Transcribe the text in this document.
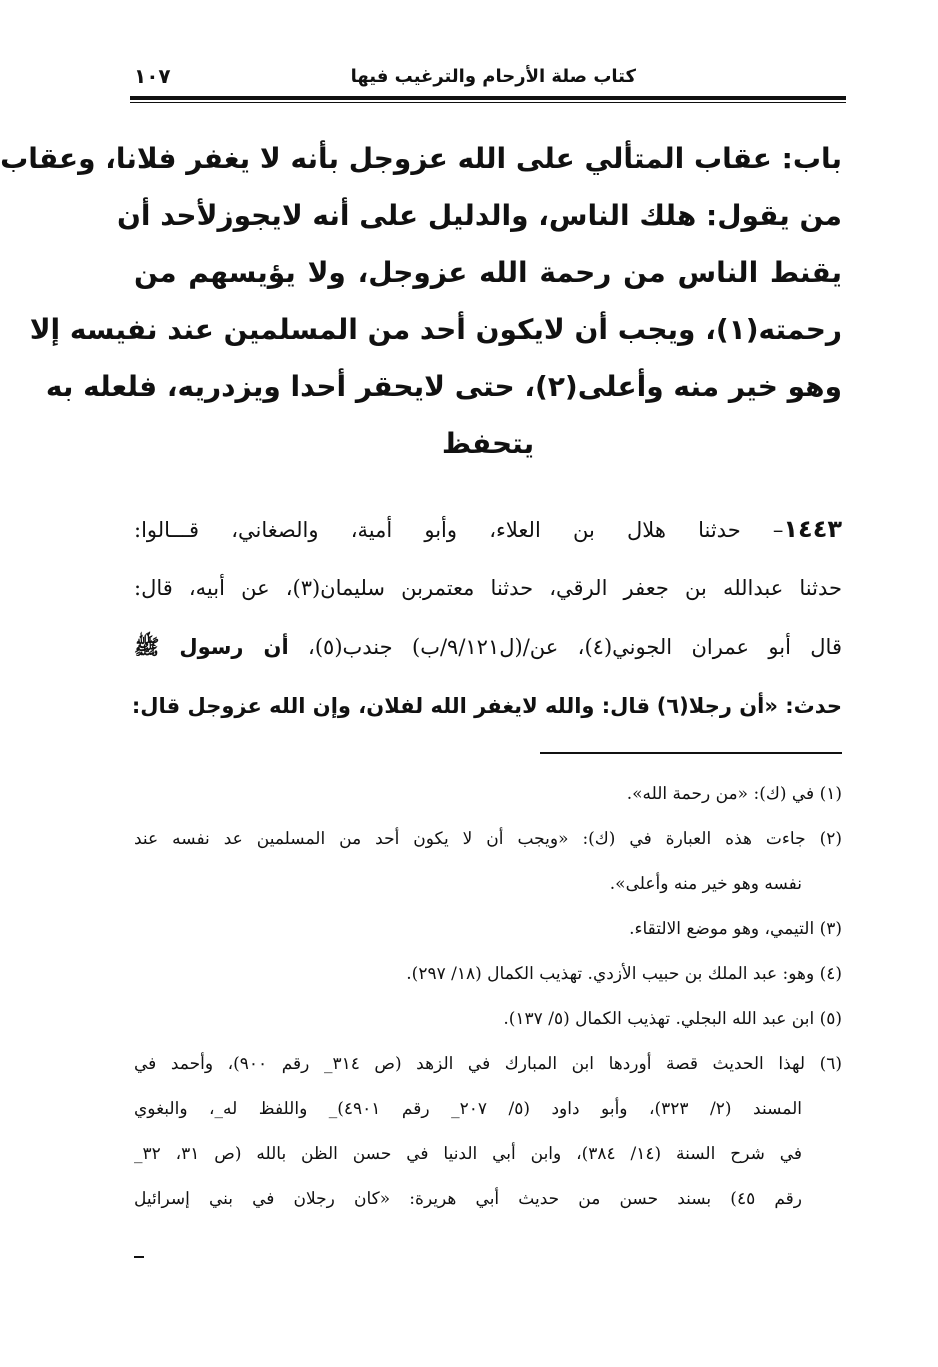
كتاب صلة الأرحام والترغيب فيها
١٠٧
باب: عقاب المتألي على الله عزوجل بأنه لا يغفر فلانا، وعقاب
من يقول: هلك الناس، والدليل على أنه لايجوزلأحد أن
يقنط الناس من رحمة الله عزوجل، ولا يؤيسهم من
رحمته(١)، ويجب أن لايكون أحد من المسلمين عند نفيسه إلا
وهو خير منه وأعلى(٢)، حتى لايحقر أحدا ويزدريه، فلعله به
يتحفظ
١٤٤٣– حدثنا هلال بن العلاء، وأبو أمية، والصغاني، قـــالوا:
حدثنا عبدالله بن جعفر الرقي، حدثنا معتمربن سليمان(٣)، عن أبيه، قال:
قال أبو عمران الجوني(٤)، عن/(ل٩/١٢١/ب) جندب(٥)، أن رسول ﷺ
حدث: «أن رجلا(٦) قال: والله لايغفر الله لفلان، وإن الله عزوجل قال:
(١) في (ك): «من رحمة الله».
(٢) جاءت هذه العبارة في (ك): «ويجب أن لا يكون أحد من المسلمين عد نفسه عند
نفسه وهو خير منه وأعلى».
(٣) التيمي، وهو موضع الالتقاء.
(٤) وهو: عبد الملك بن حبيب الأزدي. تهذيب الكمال (١٨/ ٢٩٧).
(٥) ابن عبد الله البجلي. تهذيب الكمال (٥/ ١٣٧).
(٦) لهذا الحديث قصة أوردها ابن المبارك في الزهد (ص ٣١٤_ رقم ٩٠٠)، وأحمد في
المسند (٢/ ٣٢٣)، وأبو داود (٥/ ٢٠٧_ رقم ٤٩٠١)_ واللفظ له_، والبغوي
في شرح السنة (١٤/ ٣٨٤)، وابن أبي الدنيا في حسن الظن بالله (ص ٣١، ٣٢_
رقم ٤٥) بسند حسن من حديث أبي هريرة: «كان رجلان في بني إسرائيل
